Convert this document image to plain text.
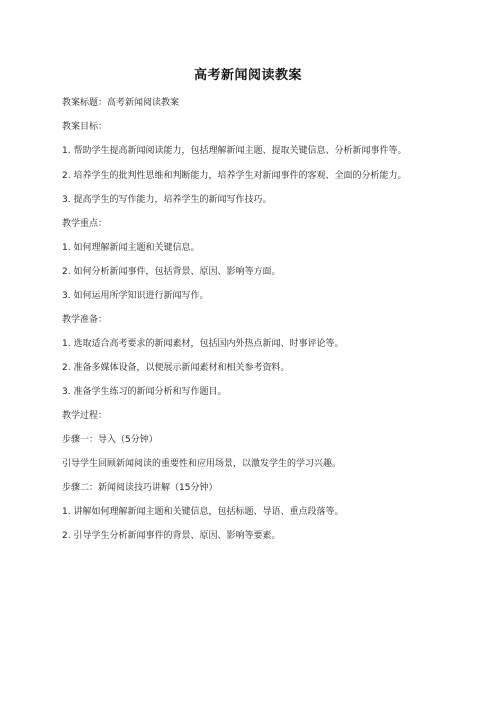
高考新闻阅读教案

教案标题：高考新闻阅读教案

教案目标：

1. 帮助学生提高新闻阅读能力，包括理解新闻主题、提取关键信息、分析新闻事件等。

2. 培养学生的批判性思维和判断能力，培养学生对新闻事件的客观、全面的分析能力。

3. 提高学生的写作能力，培养学生的新闻写作技巧。

教学重点：

1. 如何理解新闻主题和关键信息。

2. 如何分析新闻事件，包括背景、原因、影响等方面。

3. 如何运用所学知识进行新闻写作。

教学准备：

1. 选取适合高考要求的新闻素材，包括国内外热点新闻、时事评论等。

2. 准备多媒体设备，以便展示新闻素材和相关参考资料。

3. 准备学生练习的新闻分析和写作题目。

教学过程：

步骤一：导入（5分钟）

引导学生回顾新闻阅读的重要性和应用场景，以激发学生的学习兴趣。

步骤二：新闻阅读技巧讲解（15分钟）

1. 讲解如何理解新闻主题和关键信息，包括标题、导语、重点段落等。

2. 引导学生分析新闻事件的背景、原因、影响等要素。
